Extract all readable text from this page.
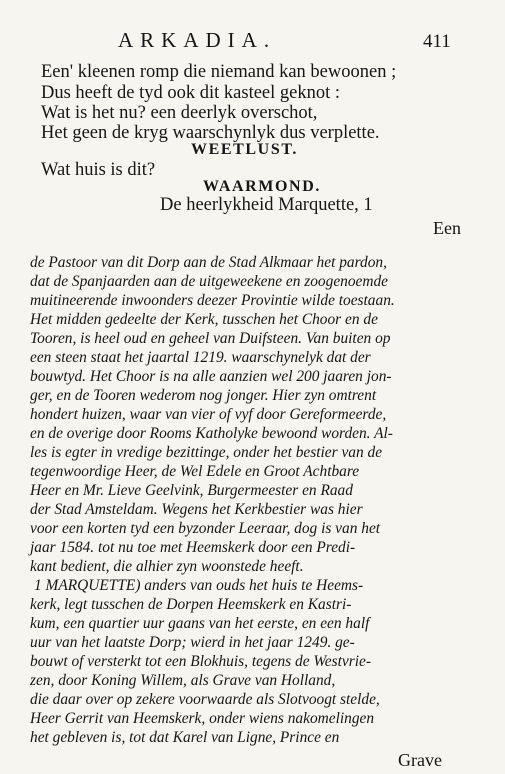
ARKADIA.	411
Een' kleenen romp die niemand kan bewoonen ;
Dus heeft de tyd ook dit kasteel geknot :
Wat is het nu? een deerlyk overschot,
Het geen de kryg waarschynlyk dus verplette.
WEETLUST.
Wat huis is dit?
WAARMOND.
De heerlykheid Marquette, 1
Een
de Pastoor van dit Dorp aan de Stad Alkmaar het pardon,
dat de Spanjaarden aan de uitgeweekene en zoogenoemde
muitineerende inwoonders deezer Provintie wilde toestaan.
Het midden gedeelte der Kerk, tusschen het Choor en de
Tooren, is heel oud en geheel van Duifsteen. Van buiten op
een steen staat het jaartal 1219. waarschynelyk dat der
bouwtyd. Het Choor is na alle aanzien wel 200 jaaren jon-
ger, en de Tooren wederom nog jonger. Hier zyn omtrent
hondert huizen, waar van vier of vyf door Gereformeerde,
en de overige door Rooms Katholyke bewoond worden. Al-
les is egter in vredige bezittinge, onder het bestier van de
tegenwoordige Heer, de Wel Edele en Groot Achtbare
Heer en Mr. Lieve Geelvink, Burgermeester en Raad
der Stad Amsteldam. Wegens het Kerkbestier was hier
voor een korten tyd een byzonder Leeraar, dog is van het
jaar 1584. tot nu toe met Heemskerk door een Predi-
kant bedient, die alhier zyn woonstede heeft.
1 MARQUETTE) anders van ouds het huis te Heems-
kerk, legt tusschen de Dorpen Heemskerk en Kastri-
kum, een quartier uur gaans van het eerste, en een half
uur van het laatste Dorp; wierd in het jaar 1249. ge-
bouwt of versterkt tot een Blokhuis, tegens de Westvrie-
zen, door Koning Willem, als Grave van Holland,
die daar over op zekere voorwaarde als Slotvoogt stelde,
Heer Gerrit van Heemskerk, onder wiens nakomelingen
het gebleven is, tot dat Karel van Ligne, Prince en
Grave
